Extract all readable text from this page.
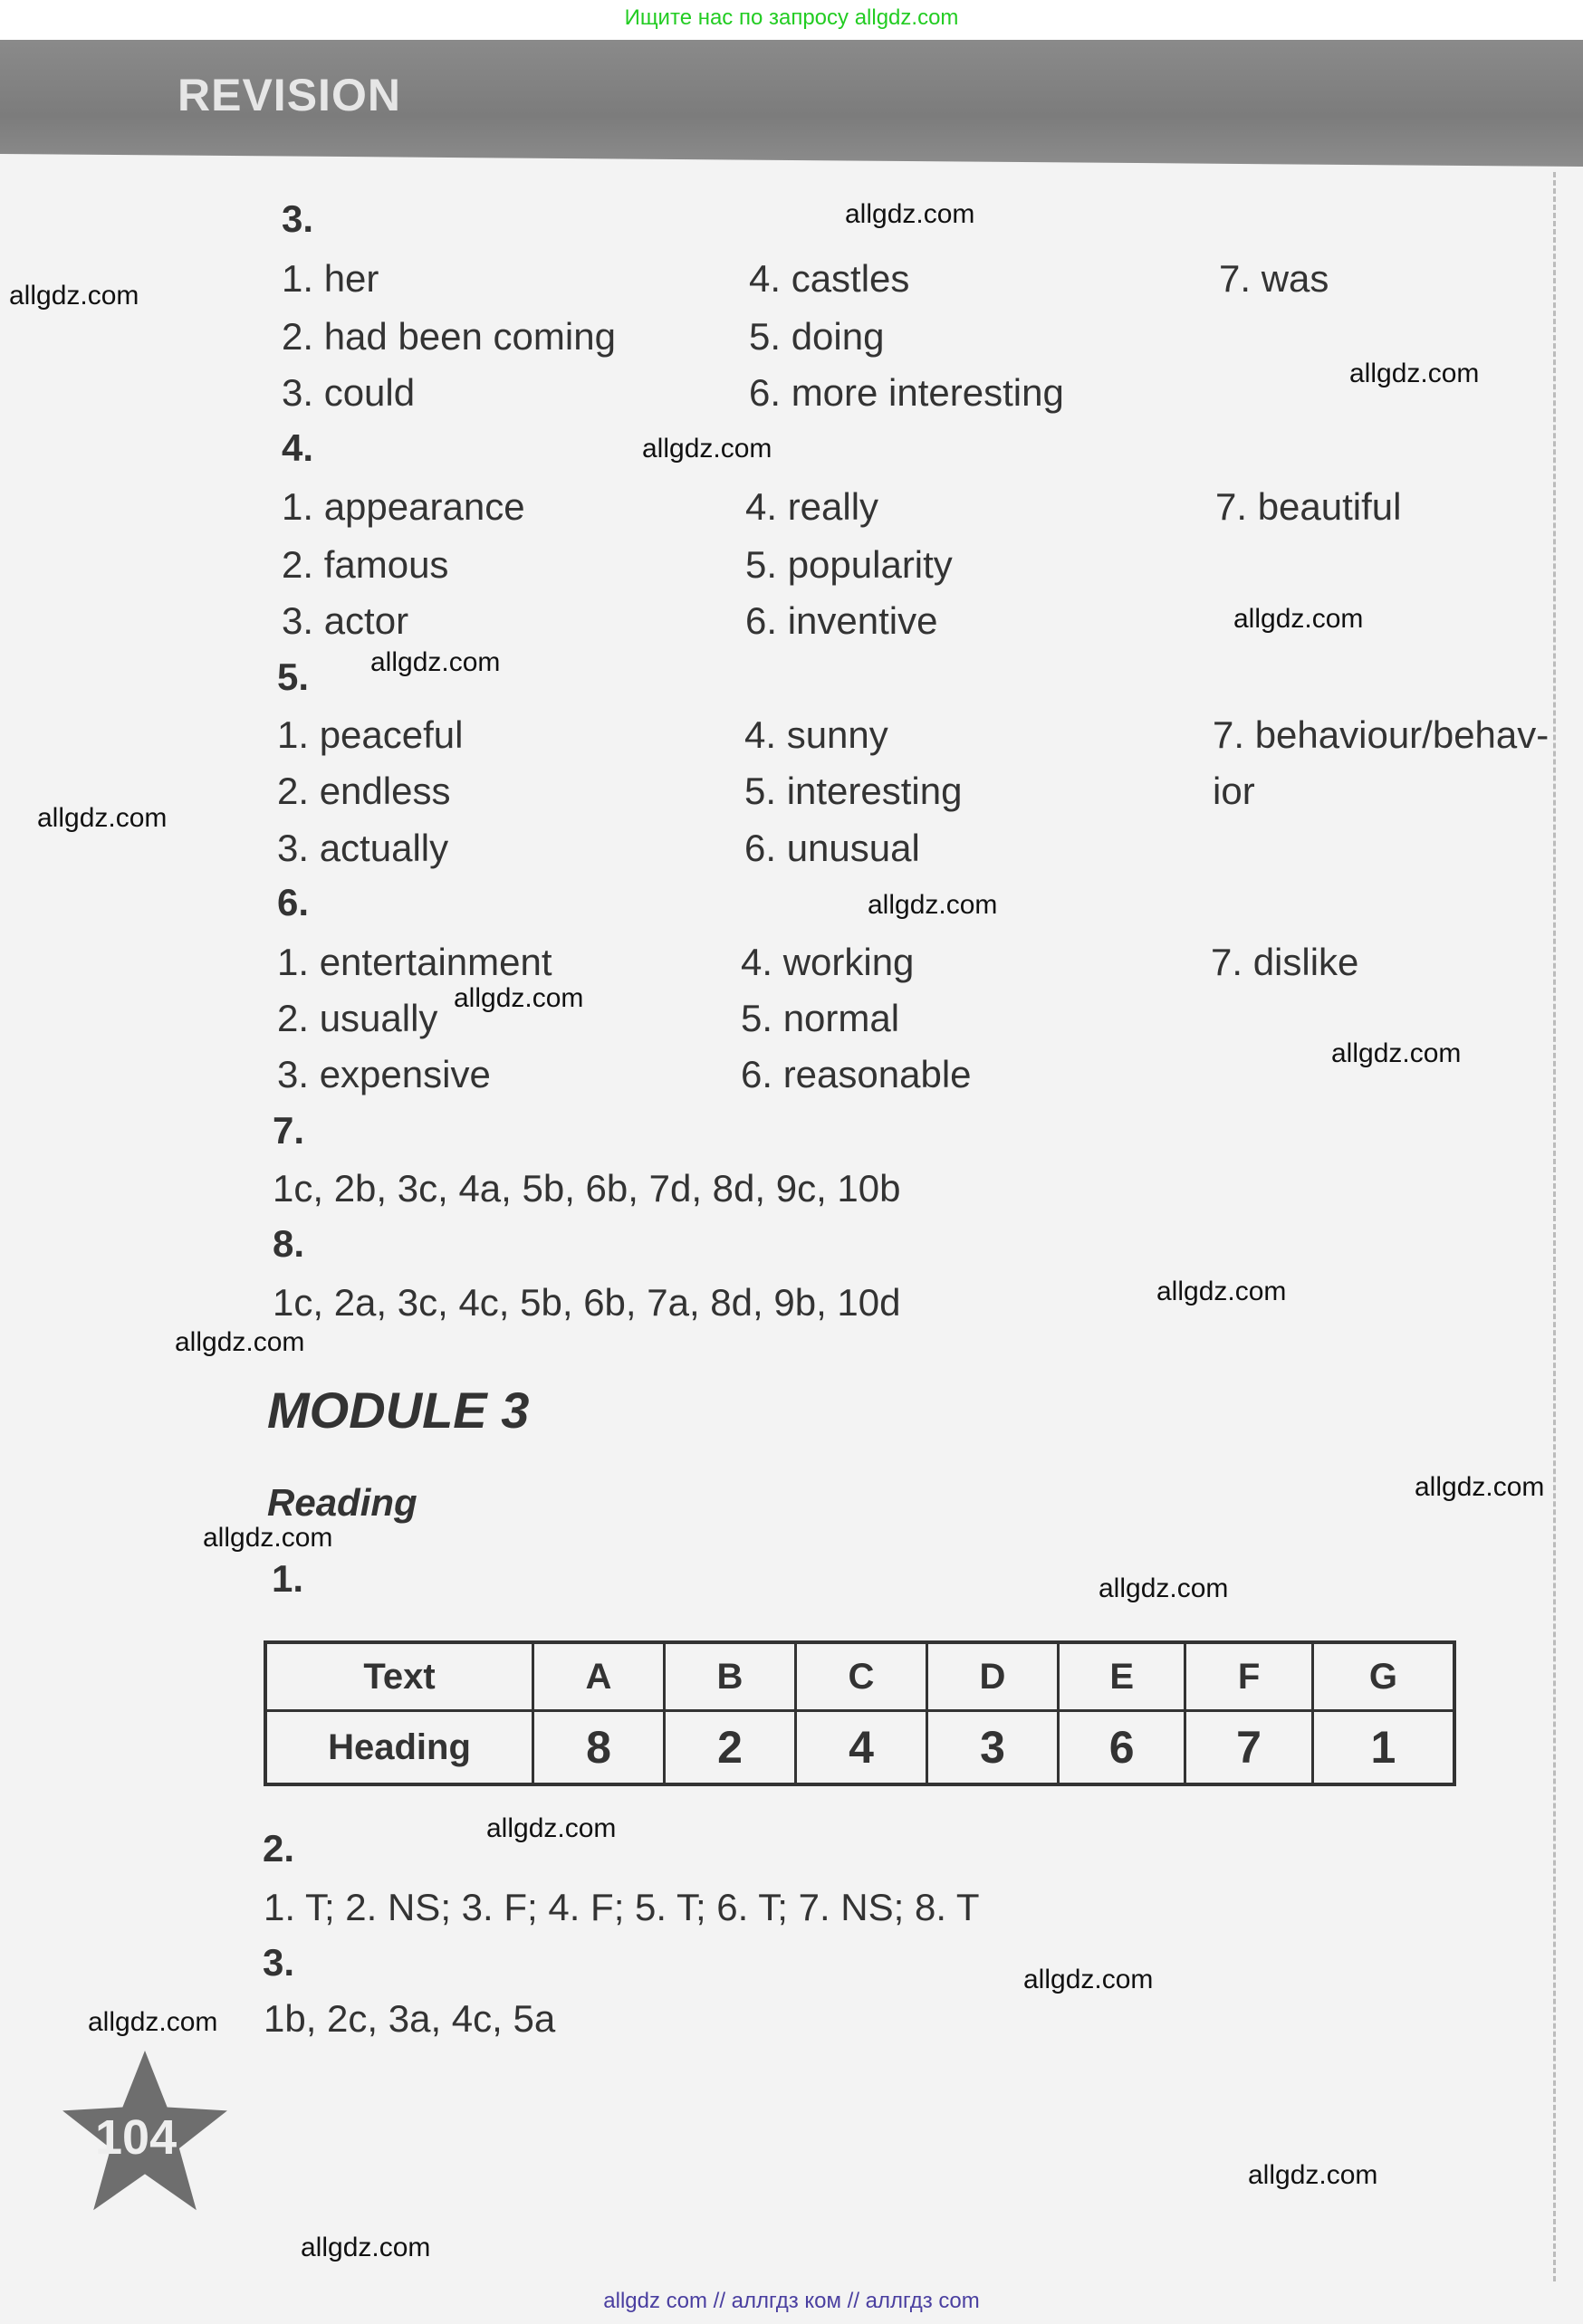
Ищите нас по запросу allgdz.com
REVISION
3.
1. her
2. had been coming
3. could
4. castles
5. doing
6. more interesting
7. was
4.
1. appearance
2. famous
3. actor
4. really
5. popularity
6. inventive
7. beautiful
5.
1. peaceful
2. endless
3. actually
4. sunny
5. interesting
6. unusual
7. behaviour/behav-
ior
6.
1. entertainment
2. usually
3. expensive
4. working
5. normal
6. reasonable
7. dislike
7.
1c, 2b, 3c, 4a, 5b, 6b, 7d, 8d, 9c, 10b
8.
1c, 2a, 3c, 4c, 5b, 6b, 7a, 8d, 9b, 10d
MODULE 3
Reading
1.
Text	A	B	C	D	E	F	G
Heading	8	2	4	3	6	7	1
2.
1. T; 2. NS; 3. F; 4. F; 5. T; 6. T; 7. NS; 8. T
3.
1b, 2c, 3a, 4c, 5a
104
allgdz.com
allgdz.com
allgdz.com
allgdz.com
allgdz.com
allgdz.com
allgdz.com
allgdz.com
allgdz.com
allgdz.com
allgdz.com
allgdz.com
allgdz.com
allgdz.com
allgdz.com
allgdz.com
allgdz.com
allgdz.com
allgdz.com
allgdz.com
allgdz com // аллгдз ком // аллгдз com
